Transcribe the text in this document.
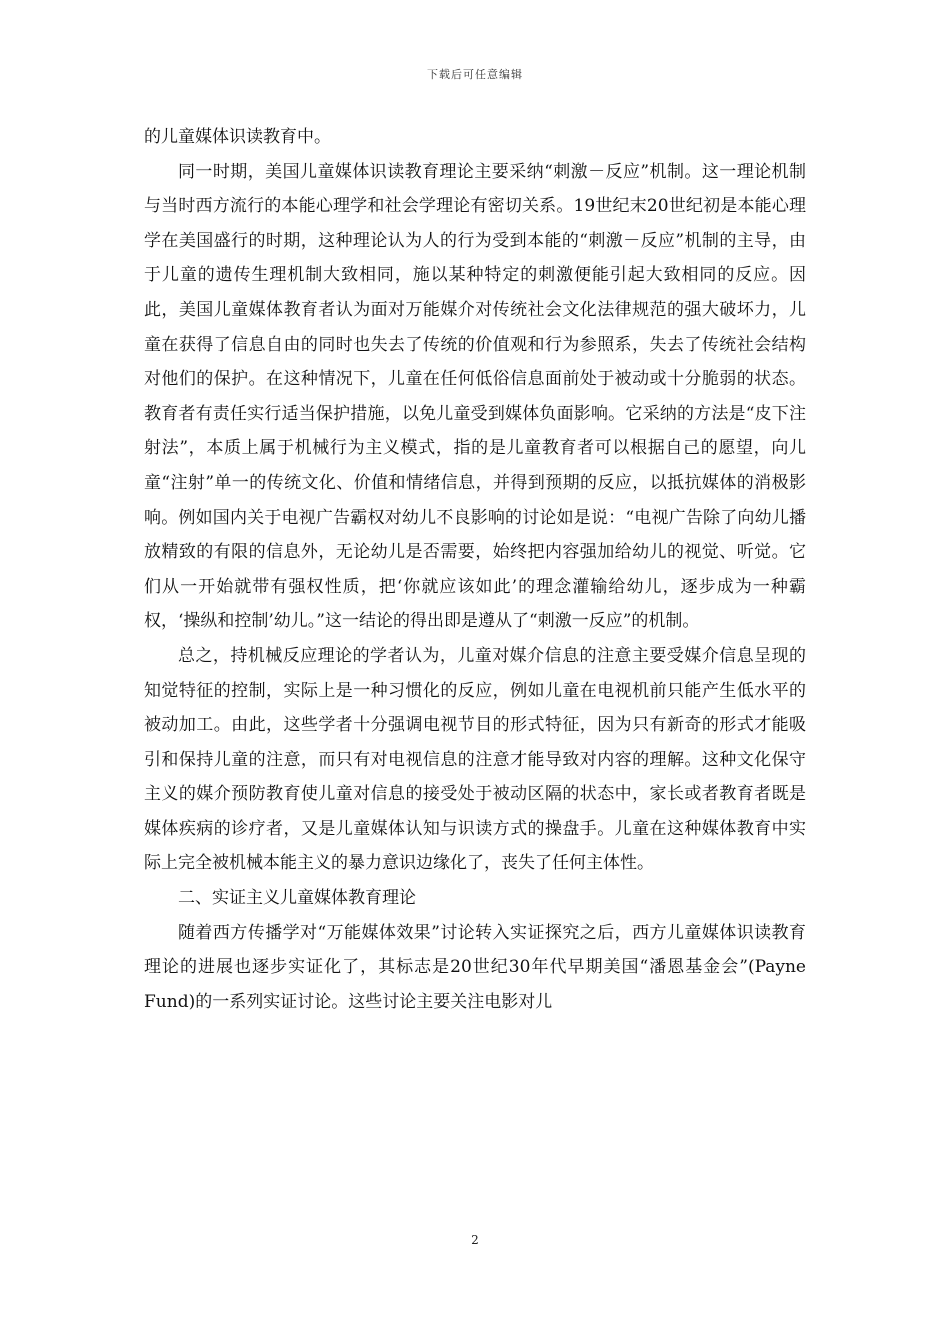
下载后可任意编辑

的儿童媒体识读教育中。

同一时期，美国儿童媒体识读教育理论主要采纳“刺激－反应”机制。这一理论机制与当时西方流行的本能心理学和社会学理论有密切关系。19世纪末20世纪初是本能心理学在美国盛行的时期，这种理论认为人的行为受到本能的“刺激－反应”机制的主导，由于儿童的遗传生理机制大致相同，施以某种特定的刺激便能引起大致相同的反应。因此，美国儿童媒体教育者认为面对万能媒介对传统社会文化法律规范的强大破坏力，儿童在获得了信息自由的同时也失去了传统的价值观和行为参照系，失去了传统社会结构对他们的保护。在这种情况下，儿童在任何低俗信息面前处于被动或十分脆弱的状态。教育者有责任实行适当保护措施，以免儿童受到媒体负面影响。它采纳的方法是“皮下注射法”，本质上属于机械行为主义模式，指的是儿童教育者可以根据自己的愿望，向儿童“注射”单一的传统文化、价值和情绪信息，并得到预期的反应，以抵抗媒体的消极影响。例如国内关于电视广告霸权对幼儿不良影响的讨论如是说：“电视广告除了向幼儿播放精致的有限的信息外，无论幼儿是否需要，始终把内容强加给幼儿的视觉、听觉。它们从一开始就带有强权性质，把‘你就应该如此’的理念灌输给幼儿，逐步成为一种霸权，‘操纵和控制’幼儿。”这一结论的得出即是遵从了“刺激一反应”的机制。

总之，持机械反应理论的学者认为，儿童对媒介信息的注意主要受媒介信息呈现的知觉特征的控制，实际上是一种习惯化的反应，例如儿童在电视机前只能产生低水平的被动加工。由此，这些学者十分强调电视节目的形式特征，因为只有新奇的形式才能吸引和保持儿童的注意，而只有对电视信息的注意才能导致对内容的理解。这种文化保守主义的媒介预防教育使儿童对信息的接受处于被动区隔的状态中，家长或者教育者既是媒体疾病的诊疗者，又是儿童媒体认知与识读方式的操盘手。儿童在这种媒体教育中实际上完全被机械本能主义的暴力意识边缘化了，丧失了任何主体性。

二、实证主义儿童媒体教育理论

随着西方传播学对“万能媒体效果”讨论转入实证探究之后，西方儿童媒体识读教育理论的进展也逐步实证化了，其标志是20世纪30年代早期美国“潘恩基金会”(Payne Fund)的一系列实证讨论。这些讨论主要关注电影对儿

2
